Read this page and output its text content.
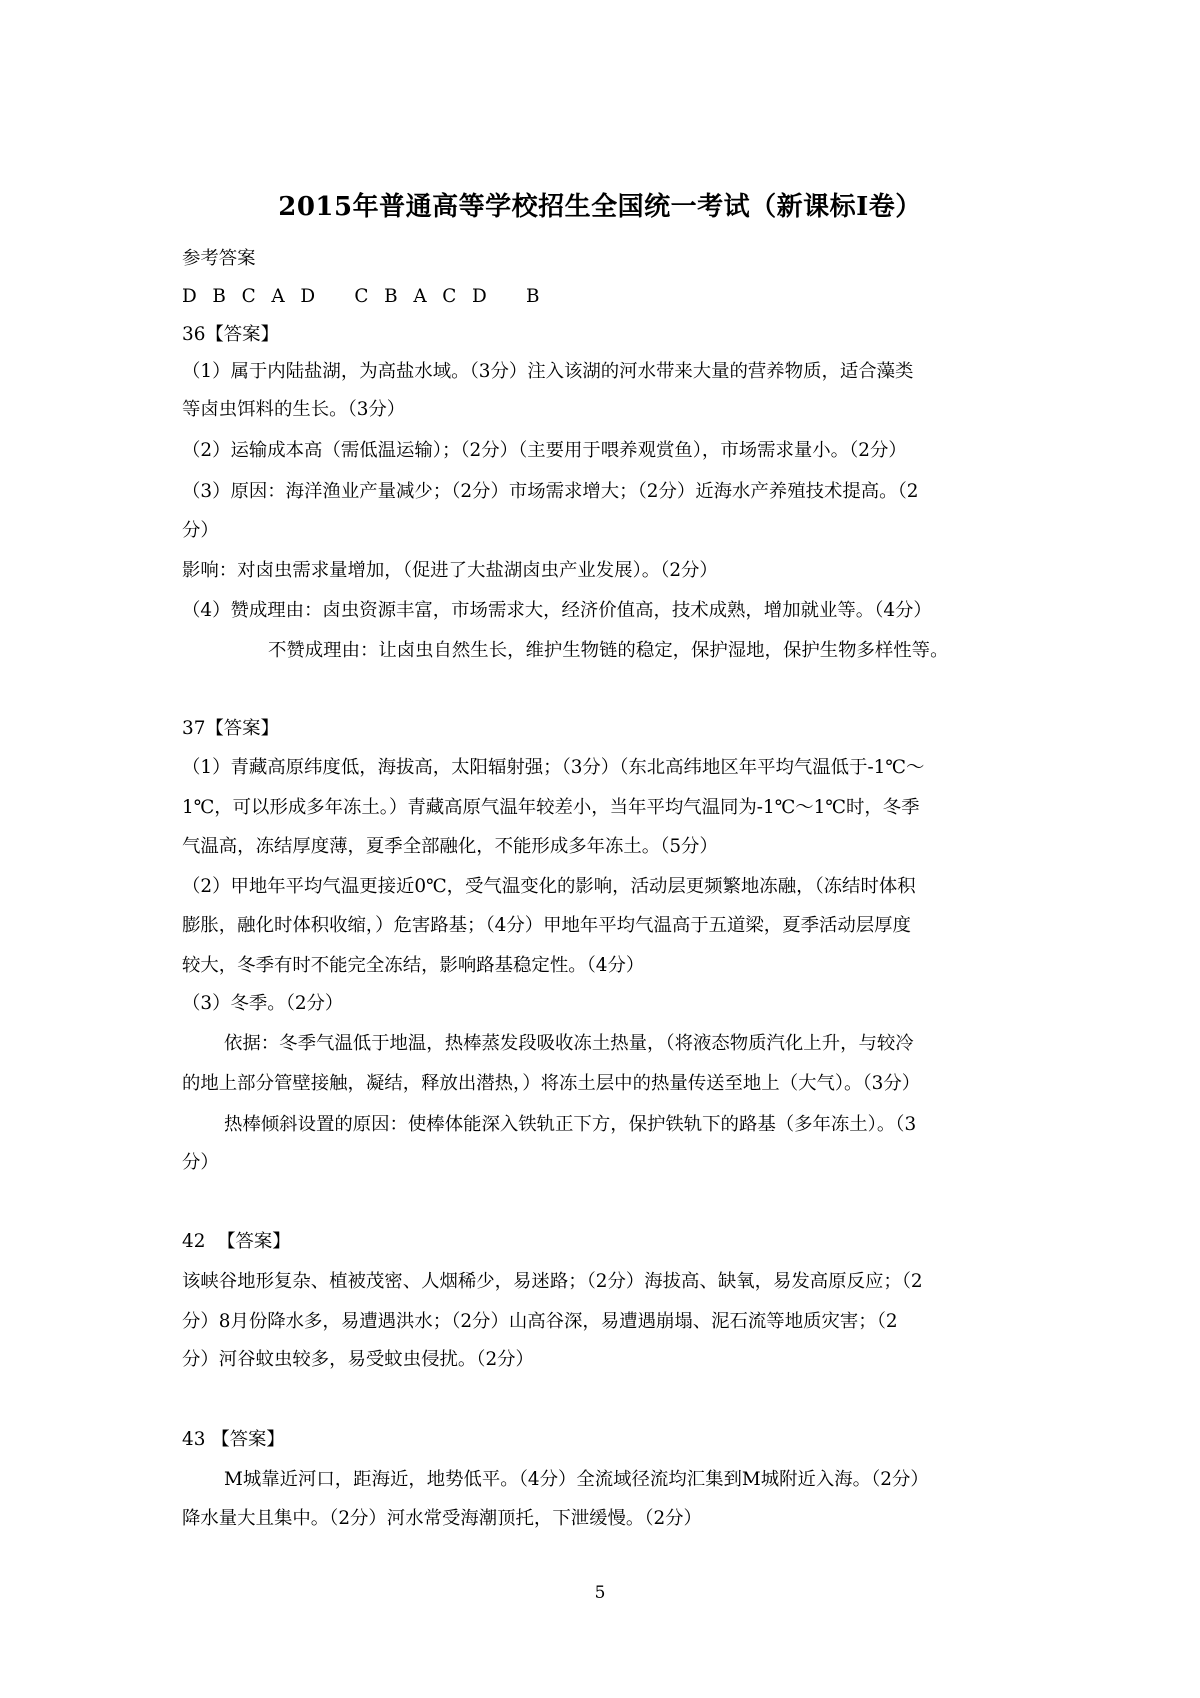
2015年普通高等学校招生全国统一考试（新课标Ⅰ卷）
参考答案
D  B  C  A  D     C  B  A  C  D     B
36【答案】
（1）属于内陆盐湖，为高盐水域。（3分）注入该湖的河水带来大量的营养物质，适合藻类
等卤虫饵料的生长。（3分）
（2）运输成本高（需低温运输）；（2分）（主要用于喂养观赏鱼），市场需求量小。（2分）
（3）原因：海洋渔业产量减少；（2分）市场需求增大；（2分）近海水产养殖技术提高。（2
分）
影响：对卤虫需求量增加，（促进了大盐湖卤虫产业发展）。（2分）
（4）赞成理由：卤虫资源丰富，市场需求大，经济价值高，技术成熟，增加就业等。（4分）
不赞成理由：让卤虫自然生长，维护生物链的稳定，保护湿地，保护生物多样性等。
37【答案】
（1）青藏高原纬度低，海拔高，太阳辐射强；（3分）（东北高纬地区年平均气温低于-1℃～
1℃，可以形成多年冻土。）青藏高原气温年较差小，当年平均气温同为-1℃～1℃时，冬季
气温高，冻结厚度薄，夏季全部融化，不能形成多年冻土。（5分）
（2）甲地年平均气温更接近0℃，受气温变化的影响，活动层更频繁地冻融，（冻结时体积
膨胀，融化时体积收缩，）危害路基；（4分）甲地年平均气温高于五道梁，夏季活动层厚度
较大，冬季有时不能完全冻结，影响路基稳定性。（4分）
（3）冬季。（2分）
依据：冬季气温低于地温，热棒蒸发段吸收冻土热量，（将液态物质汽化上升，与较冷
的地上部分管壁接触，凝结，释放出潜热，）将冻土层中的热量传送至地上（大气）。（3分）
热棒倾斜设置的原因：使棒体能深入铁轨正下方，保护铁轨下的路基（多年冻土）。（3
分）
42  【答案】
该峡谷地形复杂、植被茂密、人烟稀少，易迷路；（2分）海拔高、缺氧，易发高原反应；（2
分）8月份降水多，易遭遇洪水；（2分）山高谷深，易遭遇崩塌、泥石流等地质灾害；（2
分）河谷蚊虫较多，易受蚊虫侵扰。（2分）
43 【答案】
M城靠近河口，距海近，地势低平。（4分）全流域径流均汇集到M城附近入海。（2分）
降水量大且集中。（2分）河水常受海潮顶托，下泄缓慢。（2分）
5
